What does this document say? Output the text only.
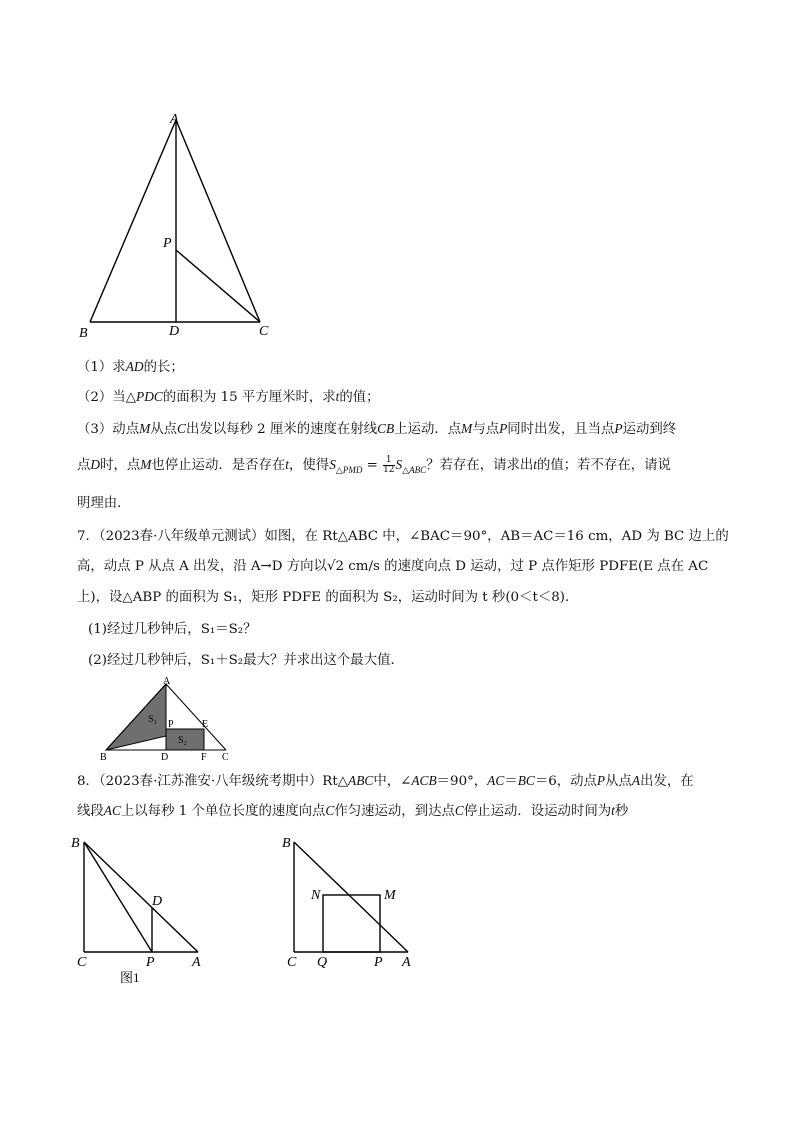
A
P
B	D	C
（1）求AD的长；
（2）当△PDC的面积为 15 平方厘米时，求t的值；
（3）动点M从点C出发以每秒 2 厘米的速度在射线CB上运动．点M与点P同时出发，且当点P运动到终
点D时，点M也停止运动．是否存在t，使得$S_{\triangle PMD} = \frac{1}{12} S_{\triangle ABC}$？若存在，请求出t的值；若不存在，请说
明理由．
7．（2023春·八年级单元测试）如图，在 Rt△ABC 中，∠BAC＝90°，AB＝AC＝16 cm，AD 为 BC 边上的
高，动点 P 从点 A 出发，沿 A→D 方向以√2 cm/s 的速度向点 D 运动，过 P 点作矩形 PDFE(E 点在 AC
上)，设△ABP 的面积为 S₁，矩形 PDFE 的面积为 S₂，运动时间为 t 秒(0＜t＜8)．
(1)经过几秒钟后，S₁＝S₂？
(2)经过几秒钟后，S₁＋S₂最大？并求出这个最大值．
A
P	E
B	D	F C
S₁
S₂
8．（2023春·江苏淮安·八年级统考期中）Rt△ABC中，∠ACB＝90°，AC＝BC＝6，动点P从点A出发，在
线段AC上以每秒 1 个单位长度的速度向点C作匀速运动，到达点C停止运动．设运动时间为t秒
B
D
C	P	A
图1
B
N	M
C Q	P A
